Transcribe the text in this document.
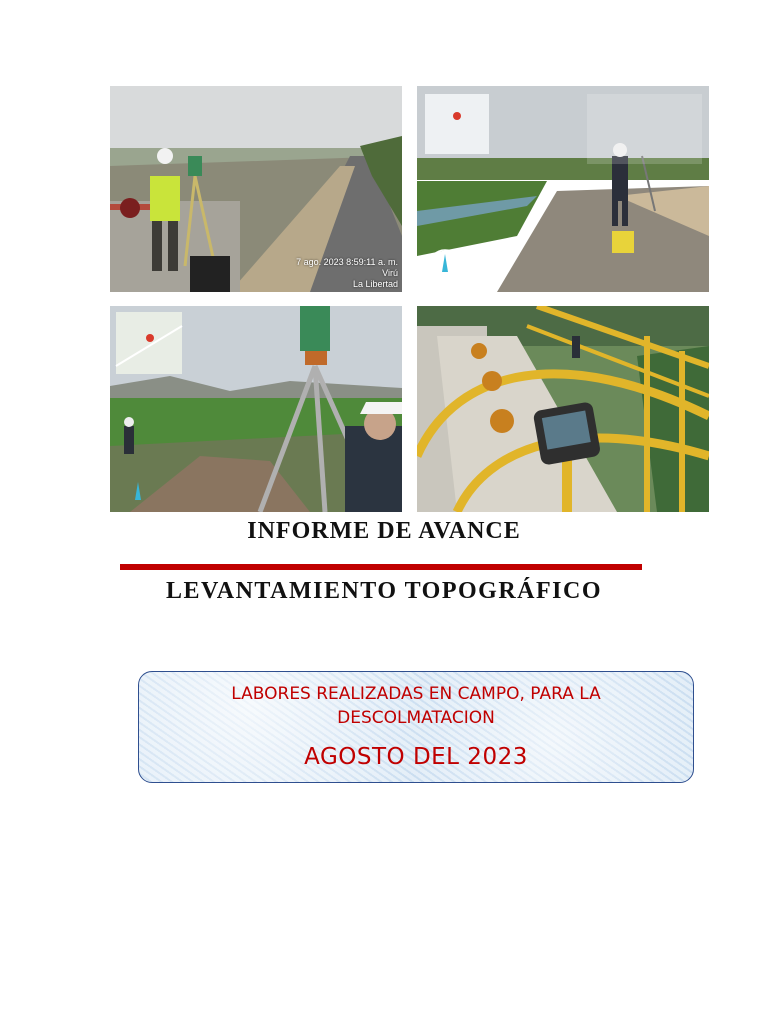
7 ago. 2023 8:59:11 a. m.
Virú
La Libertad
INFORME DE AVANCE
LEVANTAMIENTO TOPOGRÁFICO
LABORES REALIZADAS EN CAMPO, PARA LA
DESCOLMATACION
AGOSTO DEL 2023
